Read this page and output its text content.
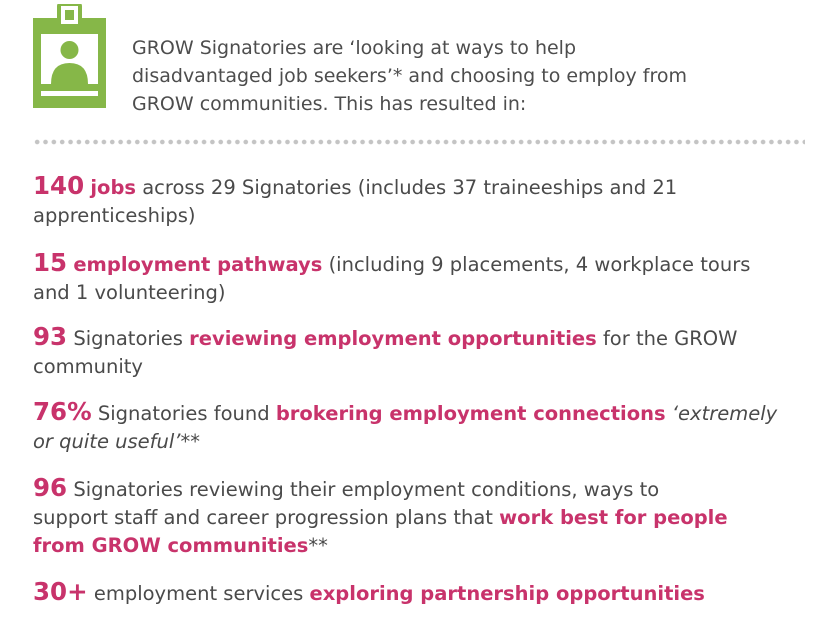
GROW Signatories are ‘looking at ways to help
disadvantaged job seekers’* and choosing to employ from
GROW communities. This has resulted in:
140 jobs across 29 Signatories (includes 37 traineeships and 21
apprenticeships)
15 employment pathways (including 9 placements, 4 workplace tours
and 1 volunteering)
93 Signatories reviewing employment opportunities for the GROW
community
76% Signatories found brokering employment connections ‘extremely
or quite useful’**
96 Signatories reviewing their employment conditions, ways to
support staff and career progression plans that work best for people
from GROW communities**
30+ employment services exploring partnership opportunities
